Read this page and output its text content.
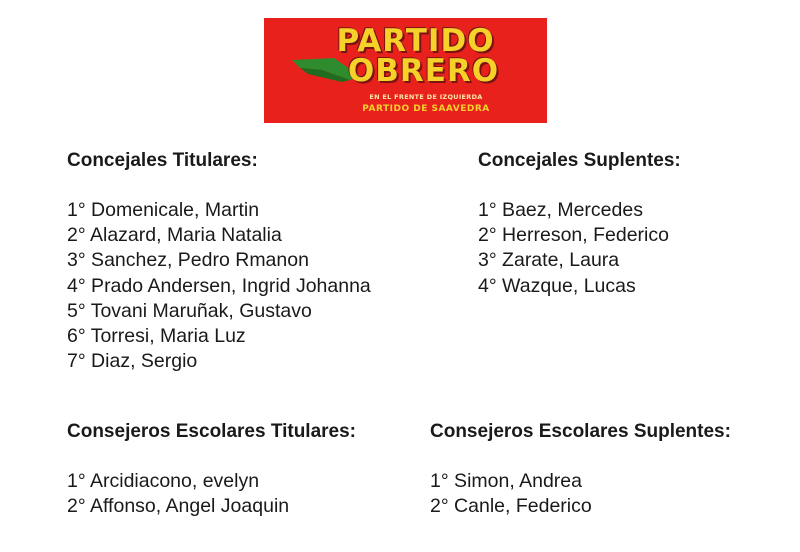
PARTIDO
OBRERO
EN EL FRENTE DE IZQUIERDA
PARTIDO DE SAAVEDRA
Concejales Titulares:
1° Domenicale, Martin
2° Alazard, Maria Natalia
3° Sanchez, Pedro Rmanon
4° Prado Andersen, Ingrid Johanna
5° Tovani Maruñak, Gustavo
6° Torresi, Maria Luz
7° Diaz, Sergio
Concejales Suplentes:
1° Baez, Mercedes
2° Herreson, Federico
3° Zarate, Laura
4° Wazque, Lucas
Consejeros Escolares Titulares:
1° Arcidiacono, evelyn
2° Affonso, Angel Joaquin
Consejeros Escolares Suplentes:
1° Simon, Andrea
2° Canle, Federico
